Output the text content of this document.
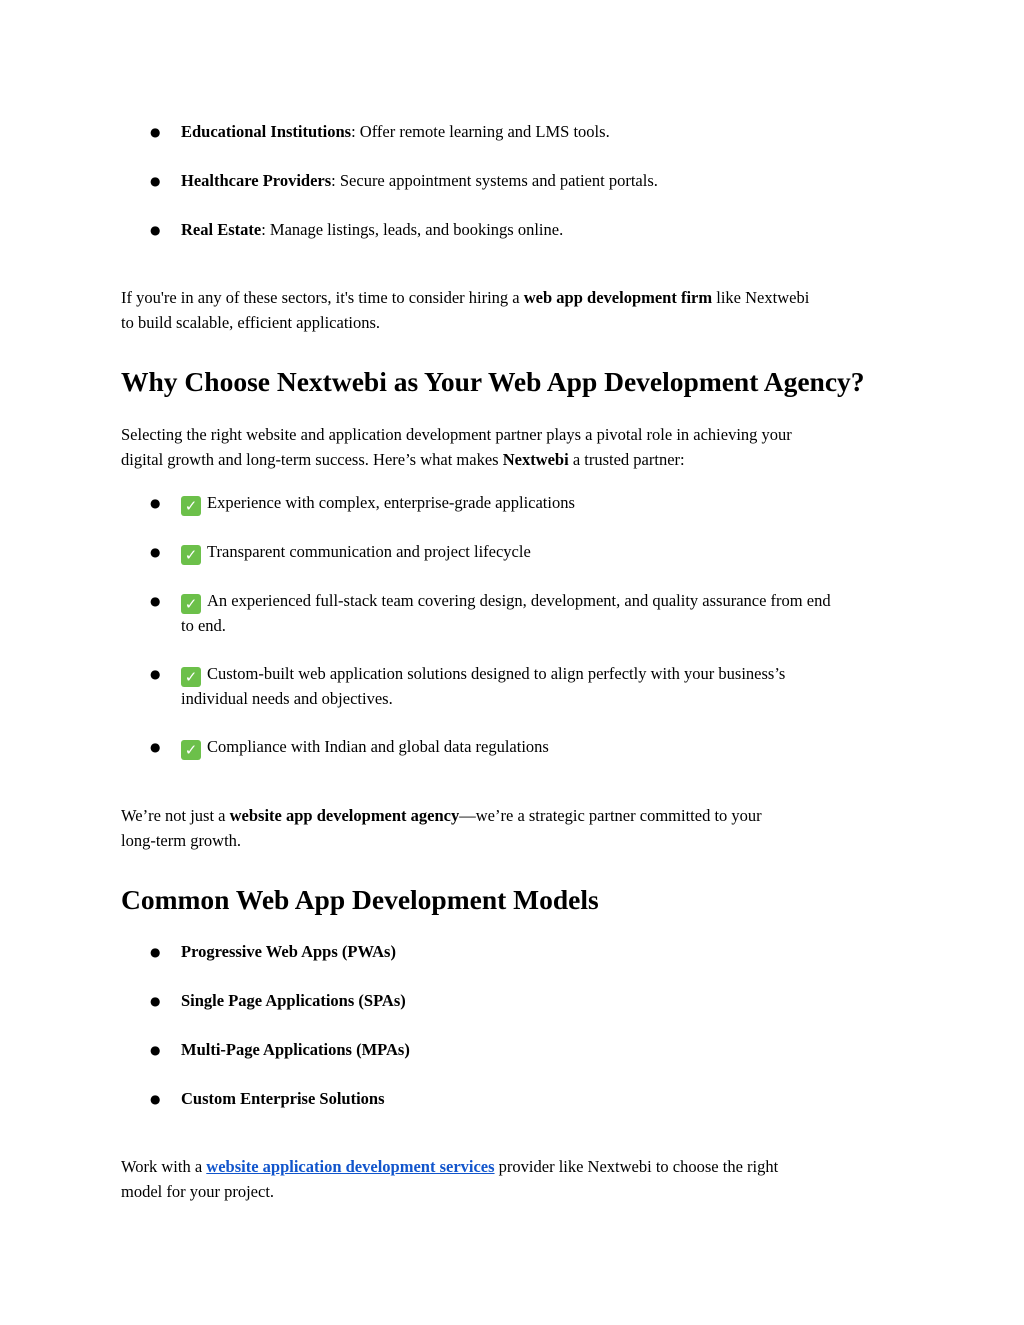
●	Educational Institutions: Offer remote learning and LMS tools.
●	Healthcare Providers: Secure appointment systems and patient portals.
●	Real Estate: Manage listings, leads, and bookings online.

If you're in any of these sectors, it's time to consider hiring a web app development firm like Nextwebi
to build scalable, efficient applications.

Why Choose Nextwebi as Your Web App Development Agency?

Selecting the right website and application development partner plays a pivotal role in achieving your
digital growth and long-term success. Here’s what makes Nextwebi a trusted partner:

●	✓ Experience with complex, enterprise-grade applications
●	✓ Transparent communication and project lifecycle
●	✓ An experienced full-stack team covering design, development, and quality assurance from end
to end.
●	✓ Custom-built web application solutions designed to align perfectly with your business’s
individual needs and objectives.
●	✓ Compliance with Indian and global data regulations

We’re not just a website app development agency—we’re a strategic partner committed to your
long-term growth.

Common Web App Development Models
●	Progressive Web Apps (PWAs)
●	Single Page Applications (SPAs)
●	Multi-Page Applications (MPAs)
●	Custom Enterprise Solutions

Work with a website application development services provider like Nextwebi to choose the right
model for your project.
